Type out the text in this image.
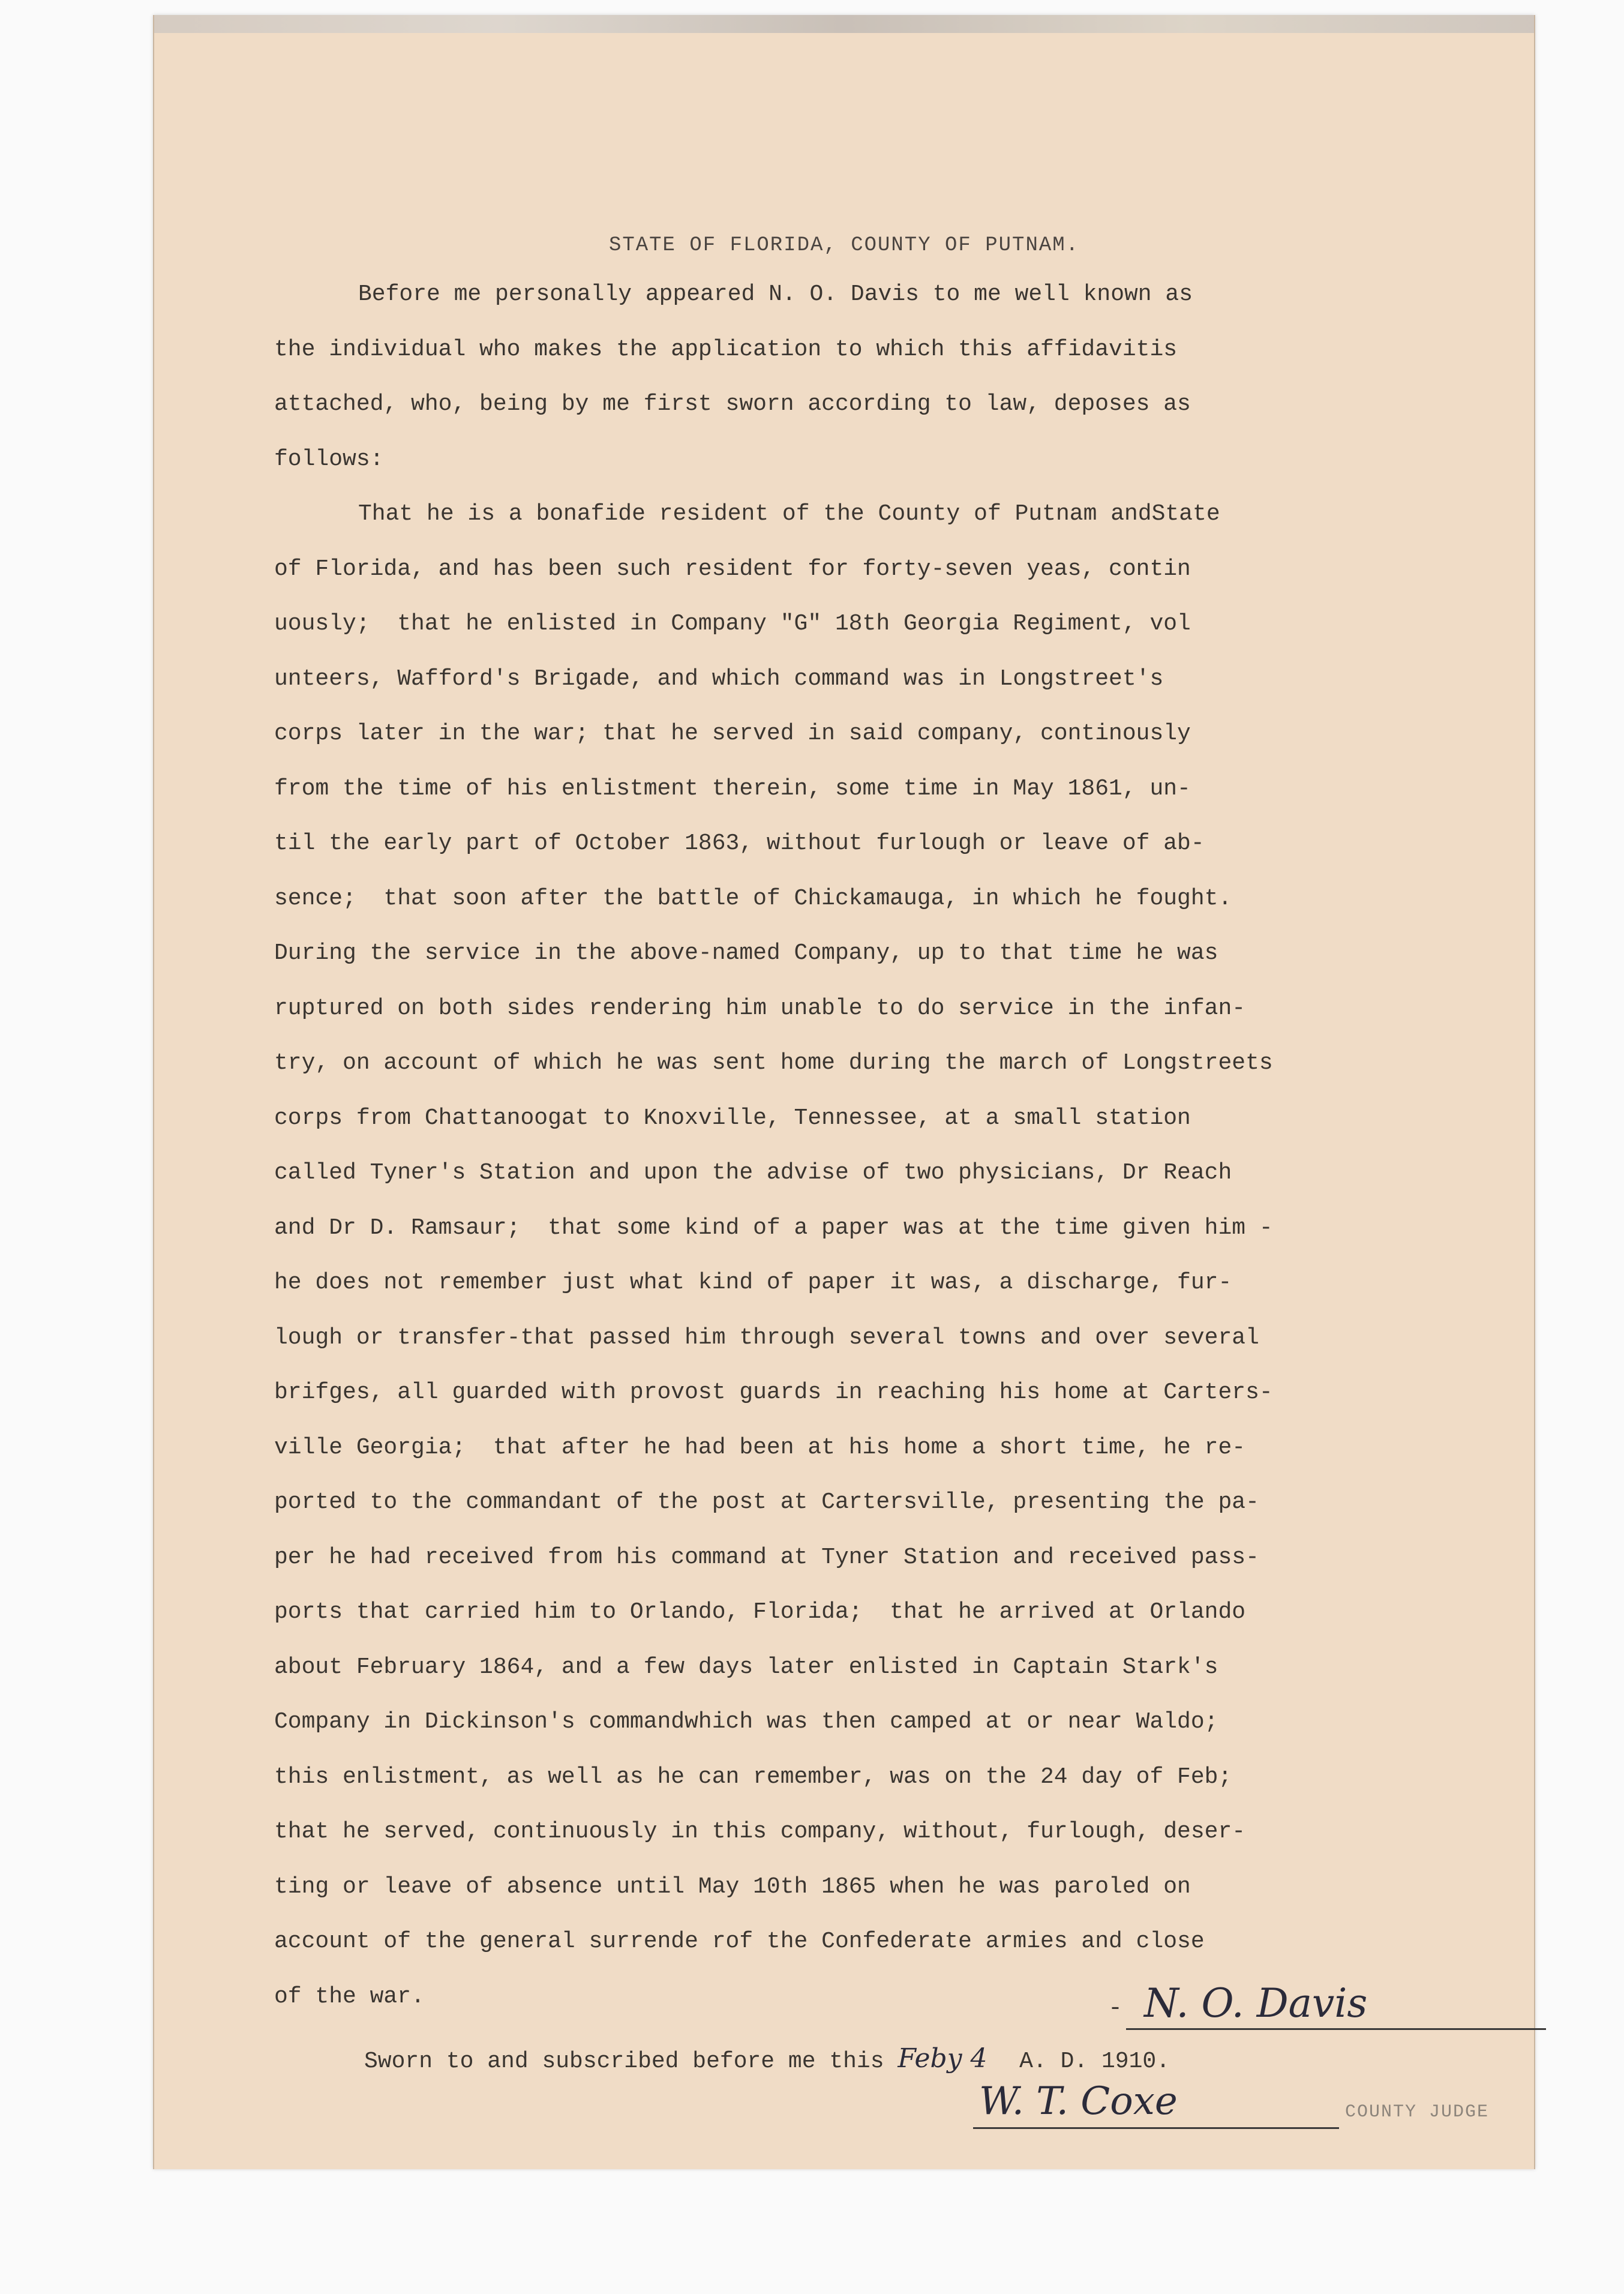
STATE OF FLORIDA, COUNTY OF PUTNAM.
Before me personally appeared N. O. Davis to me well known as
the individual who makes the application to which this affidavitis
attached, who, being by me first sworn according to law, deposes as
follows:
That he is a bonafide resident of the County of Putnam andState
of Florida, and has been such resident for forty-seven yeas, contin
uously;  that he enlisted in Company "G" 18th Georgia Regiment, vol
unteers, Wafford's Brigade, and which command was in Longstreet's
corps later in the war; that he served in said company, continously
from the time of his enlistment therein, some time in May 1861, un-
til the early part of October 1863, without furlough or leave of ab-
sence;  that soon after the battle of Chickamauga, in which he fought.
During the service in the above-named Company, up to that time he was
ruptured on both sides rendering him unable to do service in the infan-
try, on account of which he was sent home during the march of Longstreets
corps from Chattanoogat to Knoxville, Tennessee, at a small station
called Tyner's Station and upon the advise of two physicians, Dr Reach
and Dr D. Ramsaur;  that some kind of a paper was at the time given him -
he does not remember just what kind of paper it was, a discharge, fur-
lough or transfer-that passed him through several towns and over several
brifges, all guarded with provost guards in reaching his home at Carters-
ville Georgia;  that after he had been at his home a short time, he re-
ported to the commandant of the post at Cartersville, presenting the pa-
per he had received from his command at Tyner Station and received pass-
ports that carried him to Orlando, Florida;  that he arrived at Orlando
about February 1864, and a few days later enlisted in Captain Stark's
Company in Dickinson's commandwhich was then camped at or near Waldo;
this enlistment, as well as he can remember, was on the 24 day of Feb;
that he served, continuously in this company, without, furlough, deser-
ting or leave of absence until May 10th 1865 when he was paroled on
account of the general surrende rof the Confederate armies and close
of the war.	- N. O. Davis
Sworn to and subscribed before me this Feby 4 A. D. 1910.
W. T. Coxe	COUNTY JUDGE
